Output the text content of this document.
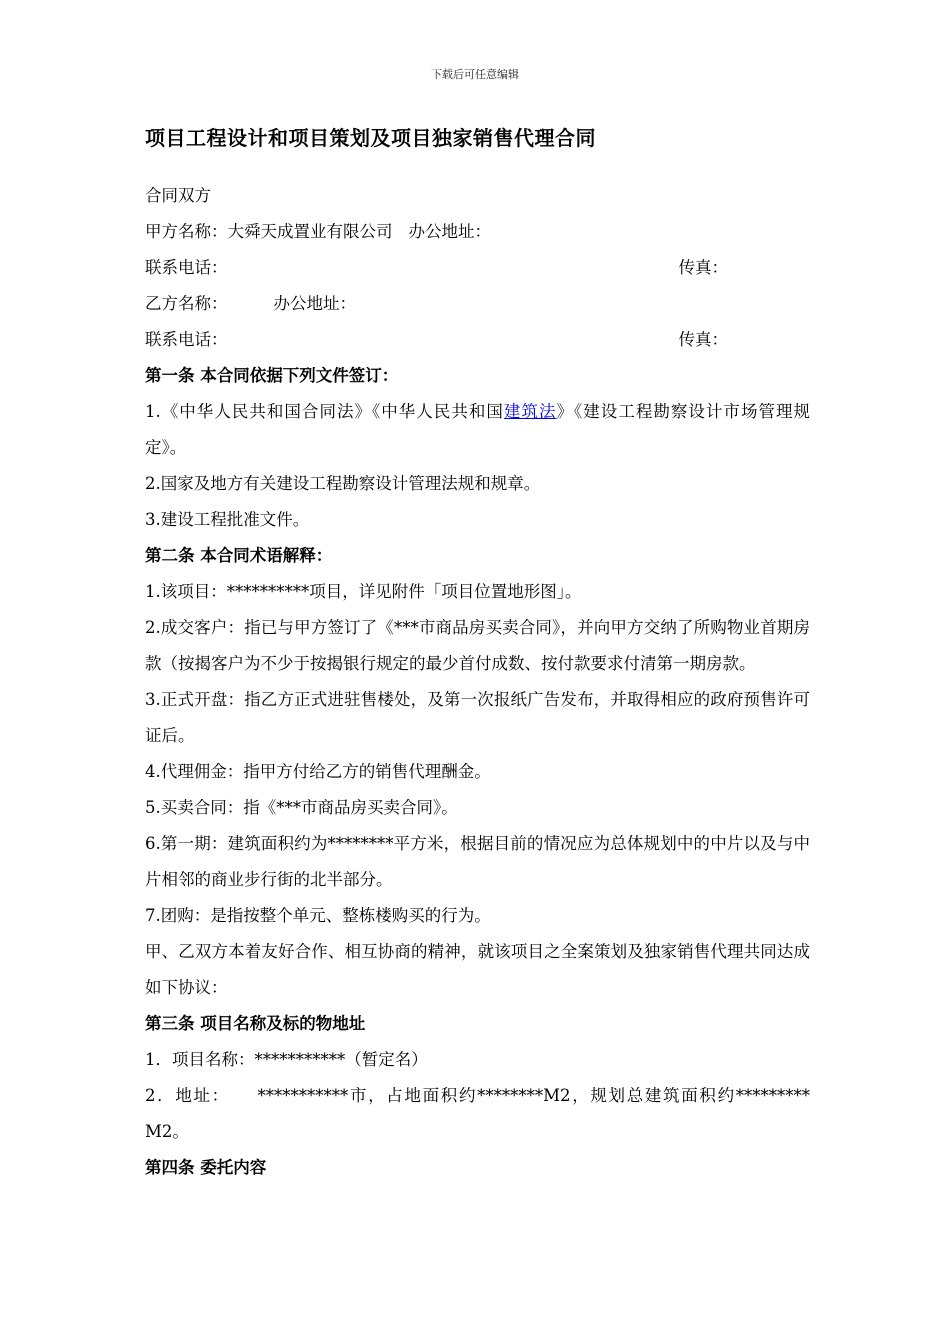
下载后可任意编辑
项目工程设计和项目策划及项目独家销售代理合同
合同双方
甲方名称：大舜天成置业有限公司 办公地址：
联系电话：	传真：
乙方名称：	办公地址：
联系电话：	传真：
第一条 本合同依据下列文件签订：
1.《中华人民共和国合同法》《中华人民共和国建筑法》《建设工程勘察设计市场管理规定》。
2.国家及地方有关建设工程勘察设计管理法规和规章。
3.建设工程批准文件。
第二条 本合同术语解释：
1.该项目：**********项目，详见附件「项目位置地形图」。
2.成交客户：指已与甲方签订了《***市商品房买卖合同》，并向甲方交纳了所购物业首期房款（按揭客户为不少于按揭银行规定的最少首付成数、按付款要求付清第一期房款。
3.正式开盘：指乙方正式进驻售楼处，及第一次报纸广告发布，并取得相应的政府预售许可证后。
4.代理佣金：指甲方付给乙方的销售代理酬金。
5.买卖合同：指《***市商品房买卖合同》。
6.第一期：建筑面积约为********平方米，根据目前的情况应为总体规划中的中片以及与中片相邻的商业步行街的北半部分。
7.团购：是指按整个单元、整栋楼购买的行为。
甲、乙双方本着友好合作、相互协商的精神，就该项目之全案策划及独家销售代理共同达成如下协议：
第三条 项目名称及标的物地址
1．项目名称：***********（暂定名）
2．地址：    ***********市，占地面积约********M2，规划总建筑面积约*********  M2。
第四条 委托内容
